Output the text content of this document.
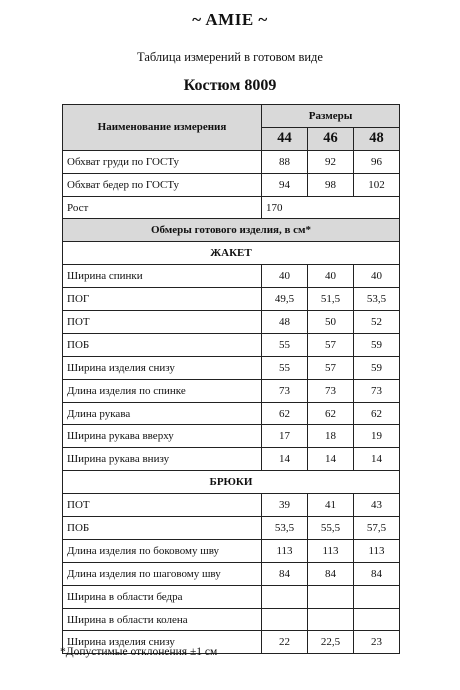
~ AMIE ~
Таблица измерений в готовом виде
Костюм 8009
Наименование измерения	Размеры		
	44	46	48
Обхват груди по ГОСТу	88	92	96
Обхват бедер по ГОСТу	94	98	102
Рост	170		
Обмеры готового изделия, в см*			
ЖАКЕТ			
Ширина спинки	40	40	40
ПОГ	49,5	51,5	53,5
ПОТ	48	50	52
ПОБ	55	57	59
Ширина изделия снизу	55	57	59
Длина изделия по спинке	73	73	73
Длина рукава	62	62	62
Ширина рукава вверху	17	18	19
Ширина рукава внизу	14	14	14
БРЮКИ			
ПОТ	39	41	43
ПОБ	53,5	55,5	57,5
Длина изделия по боковому шву	113	113	113
Длина изделия по шаговому шву	84	84	84
Ширина в области бедра			
Ширина в области колена			
Ширина изделия снизу	22	22,5	23
*Допустимые отклонения ±1 см
